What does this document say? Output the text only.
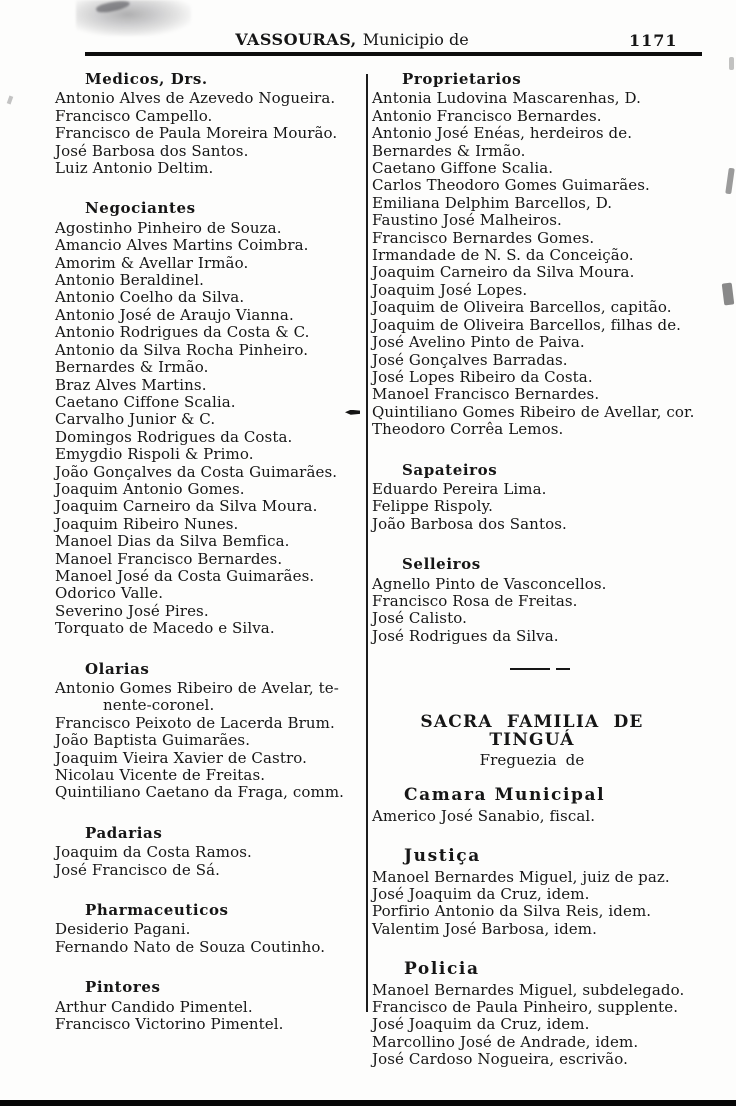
VASSOURAS, Municipio de	1171
Medicos, Drs.
Antonio Alves de Azevedo Nogueira.
Francisco Campello.
Francisco de Paula Moreira Mourão.
José Barbosa dos Santos.
Luiz Antonio Deltim.
Negociantes
Agostinho Pinheiro de Souza.
Amancio Alves Martins Coimbra.
Amorim & Avellar Irmão.
Antonio Beraldinel.
Antonio Coelho da Silva.
Antonio José de Araujo Vianna.
Antonio Rodrigues da Costa & C.
Antonio da Silva Rocha Pinheiro.
Bernardes & Irmão.
Braz Alves Martins.
Caetano Ciffone Scalia.
Carvalho Junior & C.
Domingos Rodrigues da Costa.
Emygdio Rispoli & Primo.
João Gonçalves da Costa Guimarães.
Joaquim Antonio Gomes.
Joaquim Carneiro da Silva Moura.
Joaquim Ribeiro Nunes.
Manoel Dias da Silva Bemfica.
Manoel Francisco Bernardes.
Manoel José da Costa Guimarães.
Odorico Valle.
Severino José Pires.
Torquato de Macedo e Silva.
Olarias
Antonio Gomes Ribeiro de Avelar, te-
nente-coronel.
Francisco Peixoto de Lacerda Brum.
João Baptista Guimarães.
Joaquim Vieira Xavier de Castro.
Nicolau Vicente de Freitas.
Quintiliano Caetano da Fraga, comm.
Padarias
Joaquim da Costa Ramos.
José Francisco de Sá.
Pharmaceuticos
Desiderio Pagani.
Fernando Nato de Souza Coutinho.
Pintores
Arthur Candido Pimentel.
Francisco Victorino Pimentel.
Proprietarios
Antonia Ludovina Mascarenhas, D.
Antonio Francisco Bernardes.
Antonio José Enéas, herdeiros de.
Bernardes & Irmão.
Caetano Giffone Scalia.
Carlos Theodoro Gomes Guimarães.
Emiliana Delphim Barcellos, D.
Faustino José Malheiros.
Francisco Bernardes Gomes.
Irmandade de N. S. da Conceição.
Joaquim Carneiro da Silva Moura.
Joaquim José Lopes.
Joaquim de Oliveira Barcellos, capitão.
Joaquim de Oliveira Barcellos, filhas de.
José Avelino Pinto de Paiva.
José Gonçalves Barradas.
José Lopes Ribeiro da Costa.
Manoel Francisco Bernardes.
Quintiliano Gomes Ribeiro de Avellar, cor.
Theodoro Corrêa Lemos.
Sapateiros
Eduardo Pereira Lima.
Felippe Rispoly.
João Barbosa dos Santos.
Selleiros
Agnello Pinto de Vasconcellos.
Francisco Rosa de Freitas.
José Calisto.
José Rodrigues da Silva.
SACRA FAMILIA DE TINGUÁ
Freguezia de
Camara Municipal
Americo José Sanabio, fiscal.
Justiça
Manoel Bernardes Miguel, juiz de paz.
José Joaquim da Cruz, idem.
Porfirio Antonio da Silva Reis, idem.
Valentim José Barbosa, idem.
Policia
Manoel Bernardes Miguel, subdelegado.
Francisco de Paula Pinheiro, supplente.
José Joaquim da Cruz, idem.
Marcollino José de Andrade, idem.
José Cardoso Nogueira, escrivão.
